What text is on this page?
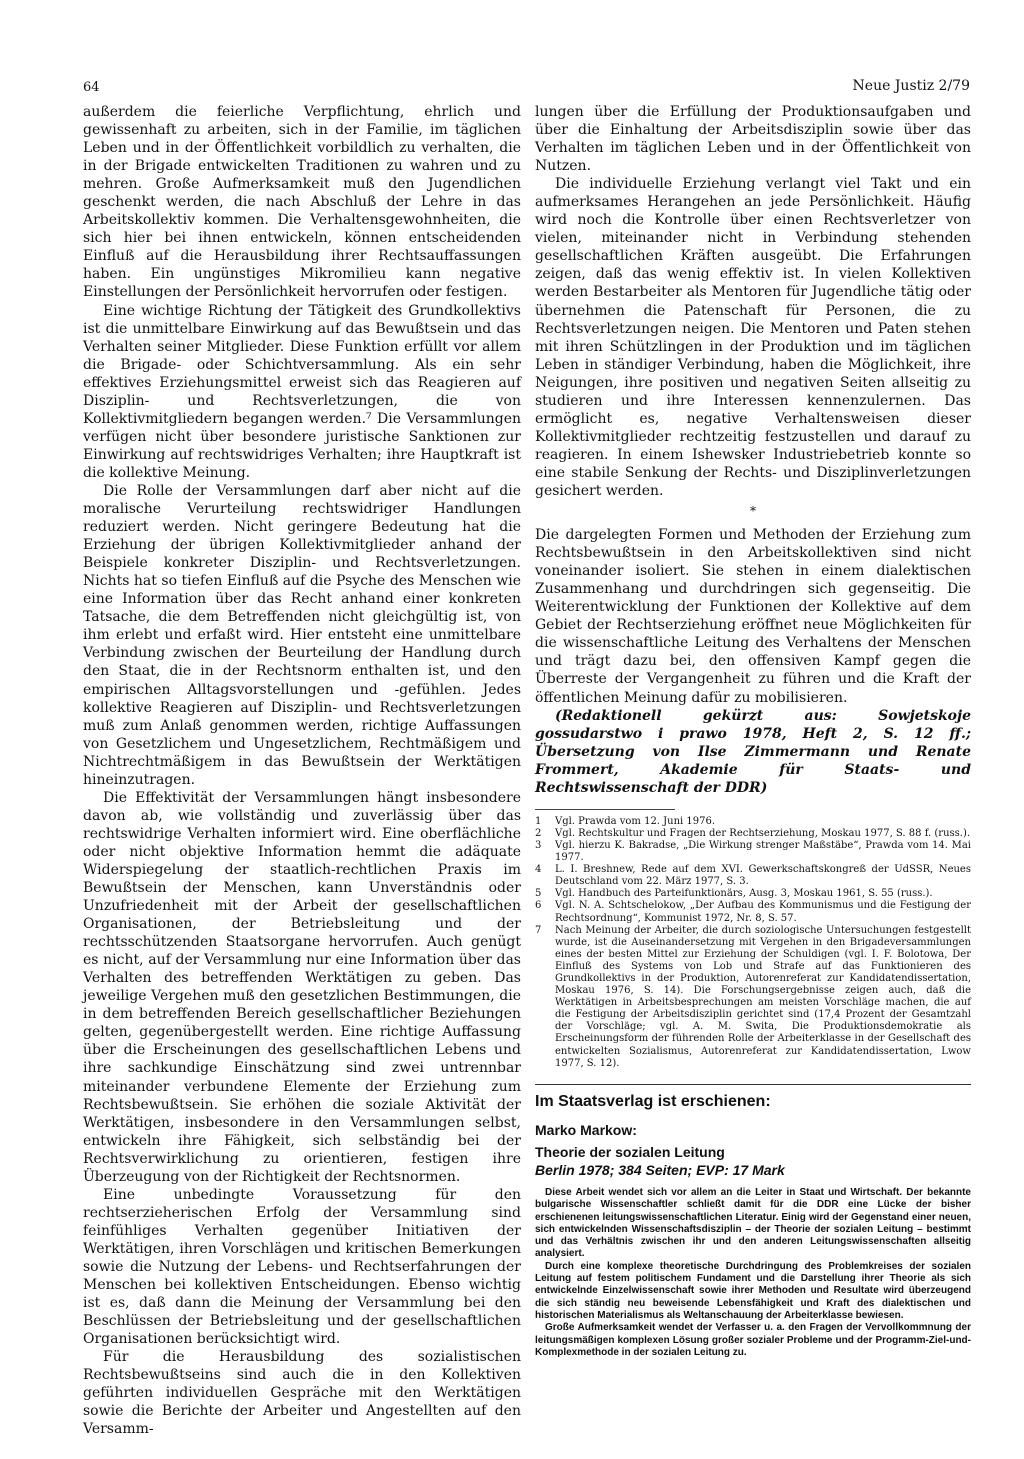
64	Neue Justiz 2/79

außerdem die feierliche Verpflichtung, ehrlich und gewissenhaft zu arbeiten, sich in der Familie, im täglichen Leben und in der Öffentlichkeit vorbildlich zu verhalten, die in der Brigade entwickelten Traditionen zu wahren und zu mehren. Große Aufmerksamkeit muß den Jugendlichen geschenkt werden, die nach Abschluß der Lehre in das Arbeitskollektiv kommen. Die Verhaltensgewohnheiten, die sich hier bei ihnen entwickeln, können entscheidenden Einfluß auf die Herausbildung ihrer Rechtsauffassungen haben. Ein ungünstiges Mikromilieu kann negative Einstellungen der Persönlichkeit hervorrufen oder festigen.

Eine wichtige Richtung der Tätigkeit des Grundkollektivs ist die unmittelbare Einwirkung auf das Bewußtsein und das Verhalten seiner Mitglieder. Diese Funktion erfüllt vor allem die Brigade- oder Schichtversammlung. Als ein sehr effektives Erziehungsmittel erweist sich das Reagieren auf Disziplin- und Rechtsverletzungen, die von Kollektivmitgliedern begangen werden.⁷ Die Versammlungen verfügen nicht über besondere juristische Sanktionen zur Einwirkung auf rechtswidriges Verhalten; ihre Hauptkraft ist die kollektive Meinung.

Die Rolle der Versammlungen darf aber nicht auf die moralische Verurteilung rechtswidriger Handlungen reduziert werden. Nicht geringere Bedeutung hat die Erziehung der übrigen Kollektivmitglieder anhand der Beispiele konkreter Disziplin- und Rechtsverletzungen. Nichts hat so tiefen Einfluß auf die Psyche des Menschen wie eine Information über das Recht anhand einer konkreten Tatsache, die dem Betreffenden nicht gleichgültig ist, von ihm erlebt und erfaßt wird. Hier entsteht eine unmittelbare Verbindung zwischen der Beurteilung der Handlung durch den Staat, die in der Rechtsnorm enthalten ist, und den empirischen Alltagsvorstellungen und -gefühlen. Jedes kollektive Reagieren auf Disziplin- und Rechtsverletzungen muß zum Anlaß genommen werden, richtige Auffassungen von Gesetzlichem und Ungesetzlichem, Rechtmäßigem und Nichtrechtmäßigem in das Bewußtsein der Werktätigen hineinzutragen.

Die Effektivität der Versammlungen hängt insbesondere davon ab, wie vollständig und zuverlässig über das rechtswidrige Verhalten informiert wird. Eine oberflächliche oder nicht objektive Information hemmt die adäquate Widerspiegelung der staatlich-rechtlichen Praxis im Bewußtsein der Menschen, kann Unverständnis oder Unzufriedenheit mit der Arbeit der gesellschaftlichen Organisationen, der Betriebsleitung und der rechtsschützenden Staatsorgane hervorrufen. Auch genügt es nicht, auf der Versammlung nur eine Information über das Verhalten des betreffenden Werktätigen zu geben. Das jeweilige Vergehen muß den gesetzlichen Bestimmungen, die in dem betreffenden Bereich gesellschaftlicher Beziehungen gelten, gegenübergestellt werden. Eine richtige Auffassung über die Erscheinungen des gesellschaftlichen Lebens und ihre sachkundige Einschätzung sind zwei untrennbar miteinander verbundene Elemente der Erziehung zum Rechtsbewußtsein. Sie erhöhen die soziale Aktivität der Werktätigen, insbesondere in den Versammlungen selbst, entwickeln ihre Fähigkeit, sich selbständig bei der Rechtsverwirklichung zu orientieren, festigen ihre Überzeugung von der Richtigkeit der Rechtsnormen.

Eine unbedingte Voraussetzung für den rechtserzieherischen Erfolg der Versammlung sind feinfühliges Verhalten gegenüber Initiativen der Werktätigen, ihren Vorschlägen und kritischen Bemerkungen sowie die Nutzung der Lebens- und Rechtserfahrungen der Menschen bei kollektiven Entscheidungen. Ebenso wichtig ist es, daß dann die Meinung der Versammlung bei den Beschlüssen der Betriebsleitung und der gesellschaftlichen Organisationen berücksichtigt wird.

Für die Herausbildung des sozialistischen Rechtsbewußtseins sind auch die in den Kollektiven geführten individuellen Gespräche mit den Werktätigen sowie die Berichte der Arbeiter und Angestellten auf den Versamm-

lungen über die Erfüllung der Produktionsaufgaben und über die Einhaltung der Arbeitsdisziplin sowie über das Verhalten im täglichen Leben und in der Öffentlichkeit von Nutzen.

Die individuelle Erziehung verlangt viel Takt und ein aufmerksames Herangehen an jede Persönlichkeit. Häufig wird noch die Kontrolle über einen Rechtsverletzer von vielen, miteinander nicht in Verbindung stehenden gesellschaftlichen Kräften ausgeübt. Die Erfahrungen zeigen, daß das wenig effektiv ist. In vielen Kollektiven werden Bestarbeiter als Mentoren für Jugendliche tätig oder übernehmen die Patenschaft für Personen, die zu Rechtsverletzungen neigen. Die Mentoren und Paten stehen mit ihren Schützlingen in der Produktion und im täglichen Leben in ständiger Verbindung, haben die Möglichkeit, ihre Neigungen, ihre positiven und negativen Seiten allseitig zu studieren und ihre Interessen kennenzulernen. Das ermöglicht es, negative Verhaltensweisen dieser Kollektivmitglieder rechtzeitig festzustellen und darauf zu reagieren. In einem Ishewsker Industriebetrieb konnte so eine stabile Senkung der Rechts- und Disziplinverletzungen gesichert werden.

*

Die dargelegten Formen und Methoden der Erziehung zum Rechtsbewußtsein in den Arbeitskollektiven sind nicht voneinander isoliert. Sie stehen in einem dialektischen Zusammenhang und durchdringen sich gegenseitig. Die Weiterentwicklung der Funktionen der Kollektive auf dem Gebiet der Rechtserziehung eröffnet neue Möglichkeiten für die wissenschaftliche Leitung des Verhaltens der Menschen und trägt dazu bei, den offensiven Kampf gegen die Überreste der Vergangenheit zu führen und die Kraft der öffentlichen Meinung dafür zu mobilisieren.

(Redaktionell gekürzt aus: Sowjetskoje gossudarstwo i prawo 1978, Heft 2, S. 12 ff.; Übersetzung von Ilse Zimmermann und Renate Frommert, Akademie für Staats- und Rechtswissenschaft der DDR)

1	Vgl. Prawda vom 12. Juni 1976.
2	Vgl. Rechtskultur und Fragen der Rechtserziehung, Moskau 1977, S. 88 f. (russ.).
3	Vgl. hierzu K. Bakradse, „Die Wirkung strenger Maßstäbe“, Prawda vom 14. Mai 1977.
4	L. I. Breshnew, Rede auf dem XVI. Gewerkschaftskongreß der UdSSR, Neues Deutschland vom 22. März 1977, S. 3.
5	Vgl. Handbuch des Parteifunktionärs, Ausg. 3, Moskau 1961, S. 55 (russ.).
6	Vgl. N. A. Schtschelokow, „Der Aufbau des Kommunismus und die Festigung der Rechtsordnung“, Kommunist 1972, Nr. 8, S. 57.
7	Nach Meinung der Arbeiter, die durch soziologische Untersuchungen festgestellt wurde, ist die Auseinandersetzung mit Vergehen in den Brigadeversammlungen eines der besten Mittel zur Erziehung der Schuldigen (vgl. I. F. Bolotowa, Der Einfluß des Systems von Lob und Strafe auf das Funktionieren des Grundkollektivs in der Produktion, Autorenreferat zur Kandidatendissertation, Moskau 1976, S. 14). Die Forschungsergebnisse zeigen auch, daß die Werktätigen in Arbeitsbesprechungen am meisten Vorschläge machen, die auf die Festigung der Arbeitsdisziplin gerichtet sind (17,4 Prozent der Gesamtzahl der Vorschläge; vgl. A. M. Swita, Die Produktionsdemokratie als Erscheinungsform der führenden Rolle der Arbeiterklasse in der Gesellschaft des entwickelten Sozialismus, Autorenreferat zur Kandidatendissertation, Lwow 1977, S. 12).
Im Staatsverlag ist erschienen:
Marko Markow:
Theorie der sozialen Leitung
Berlin 1978; 384 Seiten; EVP: 17 Mark

Diese Arbeit wendet sich vor allem an die Leiter in Staat und Wirtschaft. Der bekannte bulgarische Wissenschaftler schließt damit für die DDR eine Lücke der bisher erschienenen leitungswissenschaftlichen Literatur. Einig wird der Gegenstand einer neuen, sich entwickelnden Wissenschaftsdisziplin – der Theorie der sozialen Leitung – bestimmt und das Verhältnis zwischen ihr und den anderen Leitungswissenschaften allseitig analysiert.

Durch eine komplexe theoretische Durchdringung des Problemkreises der sozialen Leitung auf festem politischem Fundament und die Darstellung ihrer Theorie als sich entwickelnde Einzelwissenschaft sowie ihrer Methoden und Resultate wird überzeugend die sich ständig neu beweisende Lebensfähigkeit und Kraft des dialektischen und historischen Materialismus als Weltanschauung der Arbeiterklasse bewiesen.

Große Aufmerksamkeit wendet der Verfasser u. a. den Fragen der Vervollkommnung der leitungsmäßigen komplexen Lösung großer sozialer Probleme und der Programm-Ziel-und-Komplexmethode in der sozialen Leitung zu.
